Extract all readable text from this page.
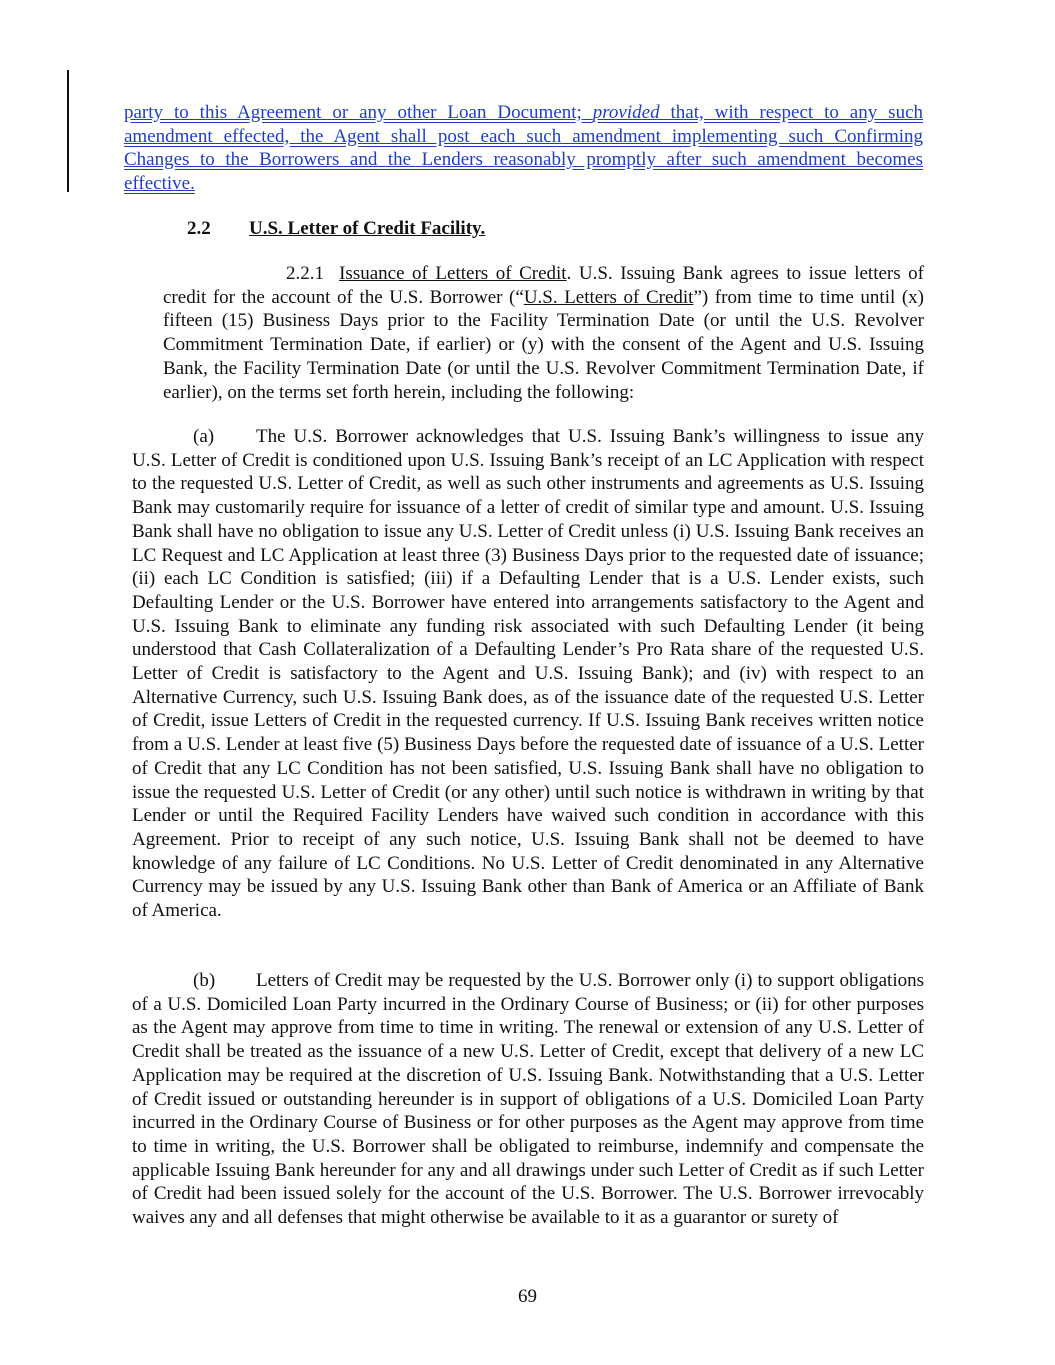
party to this Agreement or any other Loan Document; provided that, with respect to any such amendment effected, the Agent shall post each such amendment implementing such Confirming Changes to the Borrowers and the Lenders reasonably promptly after such amendment becomes effective.

2.2 U.S. Letter of Credit Facility.

2.2.1 Issuance of Letters of Credit. U.S. Issuing Bank agrees to issue letters of credit for the account of the U.S. Borrower (“U.S. Letters of Credit”) from time to time until (x) fifteen (15) Business Days prior to the Facility Termination Date (or until the U.S. Revolver Commitment Termination Date, if earlier) or (y) with the consent of the Agent and U.S. Issuing Bank, the Facility Termination Date (or until the U.S. Revolver Commitment Termination Date, if earlier), on the terms set forth herein, including the following:

(a) The U.S. Borrower acknowledges that U.S. Issuing Bank’s willingness to issue any U.S. Letter of Credit is conditioned upon U.S. Issuing Bank’s receipt of an LC Application with respect to the requested U.S. Letter of Credit, as well as such other instruments and agreements as U.S. Issuing Bank may customarily require for issuance of a letter of credit of similar type and amount. U.S. Issuing Bank shall have no obligation to issue any U.S. Letter of Credit unless (i) U.S. Issuing Bank receives an LC Request and LC Application at least three (3) Business Days prior to the requested date of issuance; (ii) each LC Condition is satisfied; (iii) if a Defaulting Lender that is a U.S. Lender exists, such Defaulting Lender or the U.S. Borrower have entered into arrangements satisfactory to the Agent and U.S. Issuing Bank to eliminate any funding risk associated with such Defaulting Lender (it being understood that Cash Collateralization of a Defaulting Lender’s Pro Rata share of the requested U.S. Letter of Credit is satisfactory to the Agent and U.S. Issuing Bank); and (iv) with respect to an Alternative Currency, such U.S. Issuing Bank does, as of the issuance date of the requested U.S. Letter of Credit, issue Letters of Credit in the requested currency. If U.S. Issuing Bank receives written notice from a U.S. Lender at least five (5) Business Days before the requested date of issuance of a U.S. Letter of Credit that any LC Condition has not been satisfied, U.S. Issuing Bank shall have no obligation to issue the requested U.S. Letter of Credit (or any other) until such notice is withdrawn in writing by that Lender or until the Required Facility Lenders have waived such condition in accordance with this Agreement. Prior to receipt of any such notice, U.S. Issuing Bank shall not be deemed to have knowledge of any failure of LC Conditions. No U.S. Letter of Credit denominated in any Alternative Currency may be issued by any U.S. Issuing Bank other than Bank of America or an Affiliate of Bank of America.

(b) Letters of Credit may be requested by the U.S. Borrower only (i) to support obligations of a U.S. Domiciled Loan Party incurred in the Ordinary Course of Business; or (ii) for other purposes as the Agent may approve from time to time in writing. The renewal or extension of any U.S. Letter of Credit shall be treated as the issuance of a new U.S. Letter of Credit, except that delivery of a new LC Application may be required at the discretion of U.S. Issuing Bank. Notwithstanding that a U.S. Letter of Credit issued or outstanding hereunder is in support of obligations of a U.S. Domiciled Loan Party incurred in the Ordinary Course of Business or for other purposes as the Agent may approve from time to time in writing, the U.S. Borrower shall be obligated to reimburse, indemnify and compensate the applicable Issuing Bank hereunder for any and all drawings under such Letter of Credit as if such Letter of Credit had been issued solely for the account of the U.S. Borrower. The U.S. Borrower irrevocably waives any and all defenses that might otherwise be available to it as a guarantor or surety of

69
